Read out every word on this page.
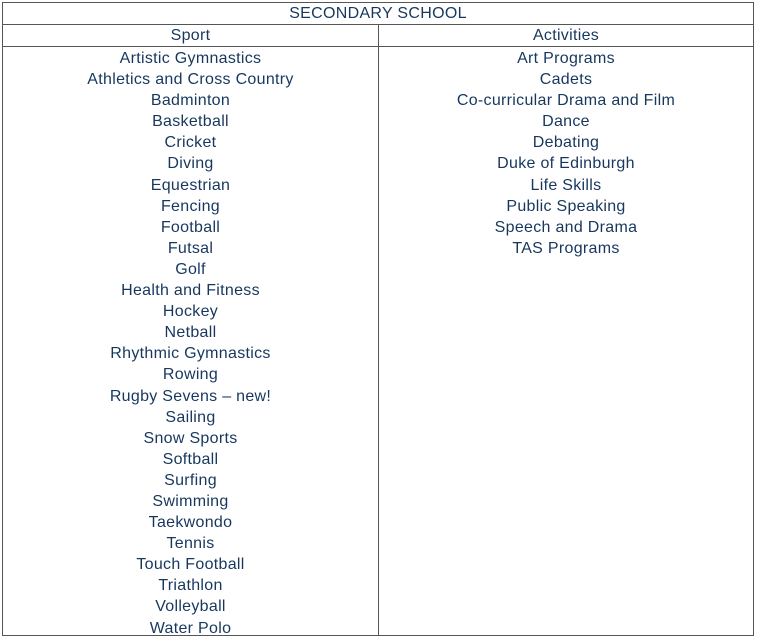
SECONDARY SCHOOL
Sport	Activities
Artistic Gymnastics
Athletics and Cross Country
Badminton
Basketball
Cricket
Diving
Equestrian
Fencing
Football
Futsal
Golf
Health and Fitness
Hockey
Netball
Rhythmic Gymnastics
Rowing
Rugby Sevens – new!
Sailing
Snow Sports
Softball
Surfing
Swimming
Taekwondo
Tennis
Touch Football
Triathlon
Volleyball
Water Polo
Art Programs
Cadets
Co-curricular Drama and Film
Dance
Debating
Duke of Edinburgh
Life Skills
Public Speaking
Speech and Drama
TAS Programs
